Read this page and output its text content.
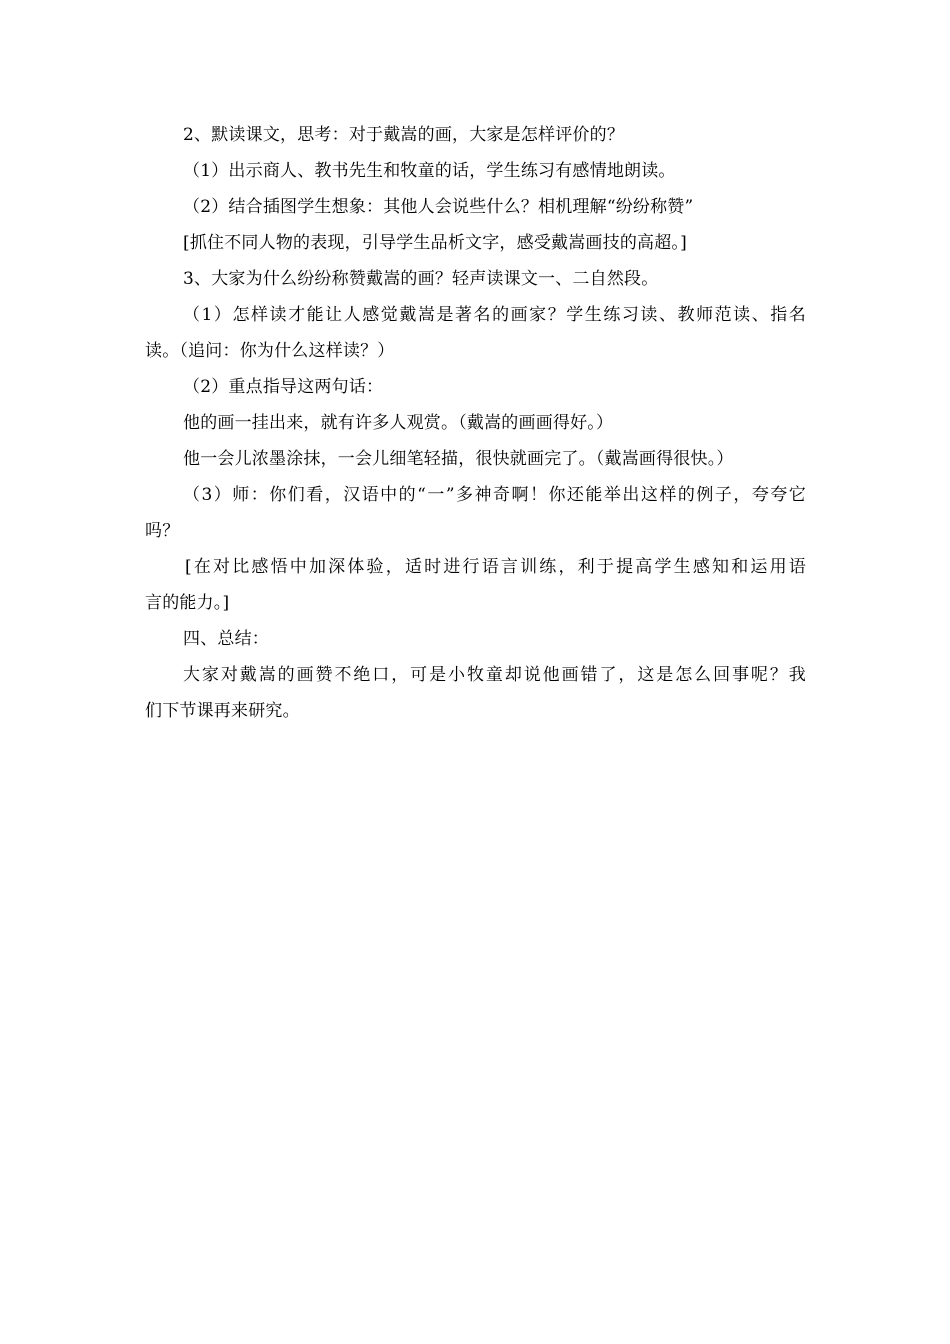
2、默读课文，思考：对于戴嵩的画，大家是怎样评价的？
（1）出示商人、教书先生和牧童的话，学生练习有感情地朗读。
（2）结合插图学生想象：其他人会说些什么？相机理解“纷纷称赞”
[抓住不同人物的表现，引导学生品析文字，感受戴嵩画技的高超。]
3、大家为什么纷纷称赞戴嵩的画？轻声读课文一、二自然段。
（1）怎样读才能让人感觉戴嵩是著名的画家？学生练习读、教师范读、指名
读。（追问：你为什么这样读？）
（2）重点指导这两句话：
他的画一挂出来，就有许多人观赏。（戴嵩的画画得好。）
他一会儿浓墨涂抹，一会儿细笔轻描，很快就画完了。（戴嵩画得很快。）
（3）师：你们看，汉语中的“一”多神奇啊！你还能举出这样的例子，夸夸它
吗？
[在对比感悟中加深体验，适时进行语言训练，利于提高学生感知和运用语
言的能力。]
四、总结：
大家对戴嵩的画赞不绝口，可是小牧童却说他画错了，这是怎么回事呢？我
们下节课再来研究。
